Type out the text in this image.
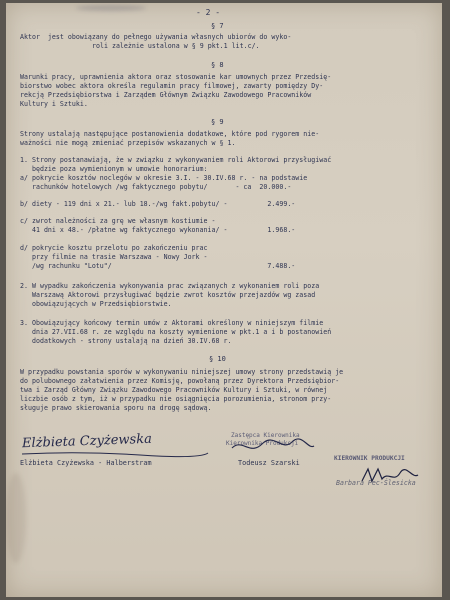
- 2 -
§ 7
Aktor  jest obowiązany do pełnego używania własnych ubiorów do wyko-
roli zależnie ustalona w § 9 pkt.1 lit.c/.
§ 8
Warunki pracy, uprawnienia aktora oraz stosowanie kar umownych przez Przedsię-
biorstwo wobec aktora określa regulamin pracy filmowej, zawarty pomiędzy Dy-
rekcją Przedsiębiorstwa i Zarządem Głównym Związku Zawodowego Pracowników
Kultury i Sztuki.
§ 9
Strony ustalają następujące postanowienia dodatkowe, które pod rygorem nie-
ważności nie mogą zmieniać przepisów wskazanych w § 1.
1. Strony postanawiają, że w związku z wykonywaniem roli Aktorowi przysługiwać
będzie poza wymienionym w umowie honorarium:
a/ pokrycie kosztów noclegów w okresie 3.I. - 30.IV.68 r. - na podstawie
rachunków hotelowych /wg faktycznego pobytu/       - ca  20.000.-
b/ diety - 119 dni x 21.- lub 18.-/wg fakt.pobytu/ -          2.499.-
c/ zwrot należności za grę we własnym kostiumie -
41 dni x 48.- /płatne wg faktycznego wykonania/ -          1.968.-
d/ pokrycie kosztu przelotu po zakończeniu prac
przy filmie na trasie Warszawa - Nowy Jork -
/wg rachunku "Lotu"/                                       7.488.-
2. W wypadku zakończenia wykonywania prac związanych z wykonaniem roli poza
Warszawą Aktorowi przysługiwać będzie zwrot kosztów przejazdów wg zasad
obowiązujących w Przedsiębiorstwie.
3. Obowiązujący końcowy termin umów z Aktorami określony w niniejszym filmie
dnia 27.VII.68 r. ze względu na koszty wymienione w pkt.1 a i b postanowień
dodatkowych - strony ustalają na dzień 30.IV.68 r.
§ 10
W przypadku powstania sporów w wykonywaniu niniejszej umowy strony przedstawią je
do polubownego załatwienia przez Komisję, powołaną przez Dyrektora Przedsiębior-
twa i Zarząd Główny Związku Zawodowego Pracowników Kultury i Sztuki, w równej
liczbie osób z tym, iż w przypadku nie osiągnięcia porozumienia, stronom przy-
sługuje prawo skierowania sporu na drogę sądową.
Elżbieta Czyżewska
Elżbieta Czyżewska - Halberstram
Zastępca Kierownika
Kierownika Produkcji
Todeusz Szarski
KIEROWNIK PRODUKCJI
Barbara Pec-Ślesicka
